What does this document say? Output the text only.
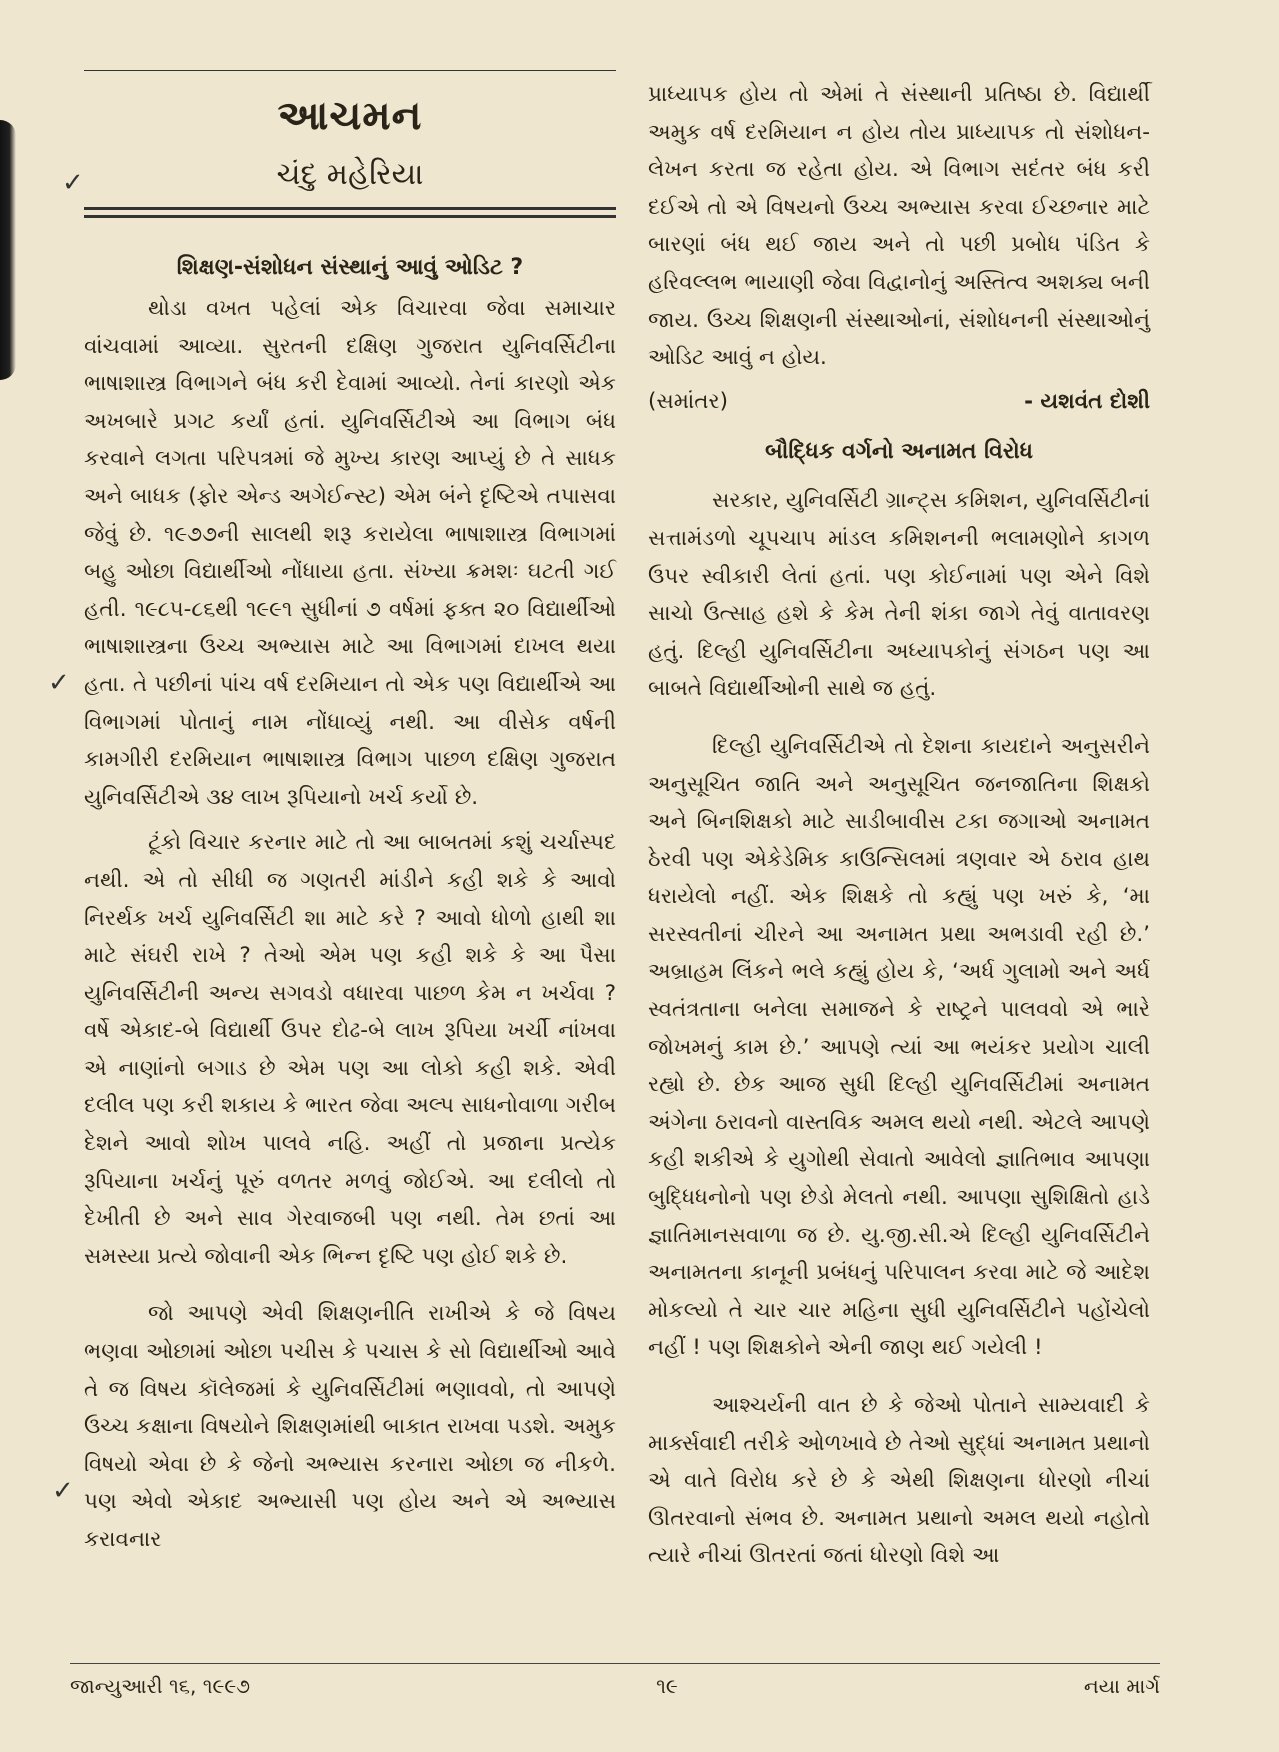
✓
✓
✓
આચમન
ચંદુ મહેરિયા
શિક્ષણ-સંશોધન સંસ્થાનું આવું ઓડિટ ?

થોડા વખત પહેલાં એક વિચારવા જેવા સમાચાર વાંચવામાં આવ્યા. સુરતની દક્ષિણ ગુજરાત યુનિવર્સિટીના ભાષાશાસ્ત્ર વિભાગને બંધ કરી દેવામાં આવ્યો. તેનાં કારણો એક અખબારે પ્રગટ કર્યાં હતાં. યુનિવર્સિટીએ આ વિભાગ બંધ કરવાને લગતા પરિપત્રમાં જે મુખ્ય કારણ આપ્યું છે તે સાધક અને બાધક (ફોર એન્ડ અગેઈન્સ્ટ) એમ બંને દૃષ્ટિએ તપાસવા જેવું છે. ૧૯૭૭ની સાલથી શરૂ કરાયેલા ભાષાશાસ્ત્ર વિભાગમાં બહુ ઓછા વિદ્યાર્થીઓ નોંધાયા હતા. સંખ્યા ક્રમશઃ ઘટતી ગઈ હતી. ૧૯૮૫-૮૬થી ૧૯૯૧ સુધીનાં ૭ વર્ષમાં ફક્ત ૨૦ વિદ્યાર્થીઓ ભાષાશાસ્ત્રના ઉચ્ચ અભ્યાસ માટે આ વિભાગમાં દાખલ થયા હતા. તે પછીનાં પાંચ વર્ષ દરમિયાન તો એક પણ વિદ્યાર્થીએ આ વિભાગમાં પોતાનું નામ નોંધાવ્યું નથી. આ વીસેક વર્ષની કામગીરી દરમિયાન ભાષાશાસ્ત્ર વિભાગ પાછળ દક્ષિણ ગુજરાત યુનિવર્સિટીએ ૩૪ લાખ રૂપિયાનો ખર્ચ કર્યો છે.

ટૂંકો વિચાર કરનાર માટે તો આ બાબતમાં કશું ચર્ચાસ્પદ નથી. એ તો સીધી જ ગણતરી માંડીને કહી શકે કે આવો નિરર્થક ખર્ચ યુનિવર્સિટી શા માટે કરે ? આવો ધોળો હાથી શા માટે સંઘરી રાખે ? તેઓ એમ પણ કહી શકે કે આ પૈસા યુનિવર્સિટીની અન્ય સગવડો વધારવા પાછળ કેમ ન ખર્ચવા ? વર્ષે એકાદ-બે વિદ્યાર્થી ઉપર દોઢ-બે લાખ રૂપિયા ખર્ચી નાંખવા એ નાણાંનો બગાડ છે એમ પણ આ લોકો કહી શકે. એવી દલીલ પણ કરી શકાય કે ભારત જેવા અલ્પ સાધનોવાળા ગરીબ દેશને આવો શોખ પાલવે નહિ. અહીં તો પ્રજાના પ્રત્યેક રૂપિયાના ખર્ચનું પૂરું વળતર મળવું જોઈએ. આ દલીલો તો દેખીતી છે અને સાવ ગેરવાજબી પણ નથી. તેમ છતાં આ સમસ્યા પ્રત્યે જોવાની એક ભિન્ન દૃષ્ટિ પણ હોઈ શકે છે.

જો આપણે એવી શિક્ષણનીતિ રાખીએ કે જે વિષય ભણવા ઓછામાં ઓછા પચીસ કે પચાસ કે સો વિદ્યાર્થીઓ આવે તે જ વિષય કૉલેજમાં કે યુનિવર્સિટીમાં ભણાવવો, તો આપણે ઉચ્ચ કક્ષાના વિષયોને શિક્ષણમાંથી બાકાત રાખવા પડશે. અમુક વિષયો એવા છે કે જેનો અભ્યાસ કરનારા ઓછા જ નીકળે. પણ એવો એકાદ અભ્યાસી પણ હોય અને એ અભ્યાસ કરાવનાર

પ્રાધ્યાપક હોય તો એમાં તે સંસ્થાની પ્રતિષ્ઠા છે. વિદ્યાર્થી અમુક વર્ષ દરમિયાન ન હોય તોય પ્રાધ્યાપક તો સંશોધન-લેખન કરતા જ રહેતા હોય. એ વિભાગ સદંતર બંધ કરી દઈએ તો એ વિષયનો ઉચ્ચ અભ્યાસ કરવા ઈચ્છનાર માટે બારણાં બંધ થઈ જાય અને તો પછી પ્રબોધ પંડિત કે હરિવલ્લભ ભાયાણી જેવા વિદ્વાનોનું અસ્તિત્વ અશક્ય બની જાય. ઉચ્ચ શિક્ષણની સંસ્થાઓનાં, સંશોધનની સંસ્થાઓનું ઓડિટ આવું ન હોય.

(સમાંતર)	- યશવંત દોશી
બૌદ્ધિક વર્ગનો અનામત વિરોધ

સરકાર, યુનિવર્સિટી ગ્રાન્ટ્સ કમિશન, યુનિવર્સિટીનાં સત્તામંડળો ચૂપચાપ માંડલ કમિશનની ભલામણોને કાગળ ઉપર સ્વીકારી લેતાં હતાં. પણ કોઈનામાં પણ એને વિશે સાચો ઉત્સાહ હશે કે કેમ તેની શંકા જાગે તેવું વાતાવરણ હતું. દિલ્હી યુનિવર્સિટીના અધ્યાપકોનું સંગઠન પણ આ બાબતે વિદ્યાર્થીઓની સાથે જ હતું.

દિલ્હી યુનિવર્સિટીએ તો દેશના કાયદાને અનુસરીને અનુસૂચિત જાતિ અને અનુસૂચિત જનજાતિના શિક્ષકો અને બિનશિક્ષકો માટે સાડીબાવીસ ટકા જગાઓ અનામત ઠેરવી પણ એકેડેમિક કાઉન્સિલમાં ત્રણવાર એ ઠરાવ હાથ ધરાયેલો નહીં. એક શિક્ષકે તો કહ્યું પણ ખરું કે, ‘મા સરસ્વતીનાં ચીરને આ અનામત પ્રથા અભડાવી રહી છે.’ અબ્રાહમ લિંકને ભલે કહ્યું હોય કે, ‘અર્ધ ગુલામો અને અર્ધ સ્વતંત્રતાના બનેલા સમાજને કે રાષ્ટ્રને પાલવવો એ ભારે જોખમનું કામ છે.’ આપણે ત્યાં આ ભયંકર પ્રયોગ ચાલી રહ્યો છે. છેક આજ સુધી દિલ્હી યુનિવર્સિટીમાં અનામત અંગેના ઠરાવનો વાસ્તવિક અમલ થયો નથી. એટલે આપણે કહી શકીએ કે યુગોથી સેવાતો આવેલો જ્ઞાતિભાવ આપણા બુદ્ધિધનોનો પણ છેડો મેલતો નથી. આપણા સુશિક્ષિતો હાડે જ્ઞાતિમાનસવાળા જ છે. યુ.જી.સી.એ દિલ્હી યુનિવર્સિટીને અનામતના કાનૂની પ્રબંધનું પરિપાલન કરવા માટે જે આદેશ મોકલ્યો તે ચાર ચાર મહિના સુધી યુનિવર્સિટીને પહોંચેલો નહીં ! પણ શિક્ષકોને એની જાણ થઈ ગયેલી !

આશ્ચર્યની વાત છે કે જેઓ પોતાને સામ્યવાદી કે માર્ક્સવાદી તરીકે ઓળખાવે છે તેઓ સુદ્ધાં અનામત પ્રથાનો એ વાતે વિરોધ કરે છે કે એથી શિક્ષણના ધોરણો નીચાં ઊતરવાનો સંભવ છે. અનામત પ્રથાનો અમલ થયો નહોતો ત્યારે નીચાં ઊતરતાં જતાં ધોરણો વિશે આ

જાન્યુઆરી ૧૬, ૧૯૯૭	૧૯	નયા માર્ગ
